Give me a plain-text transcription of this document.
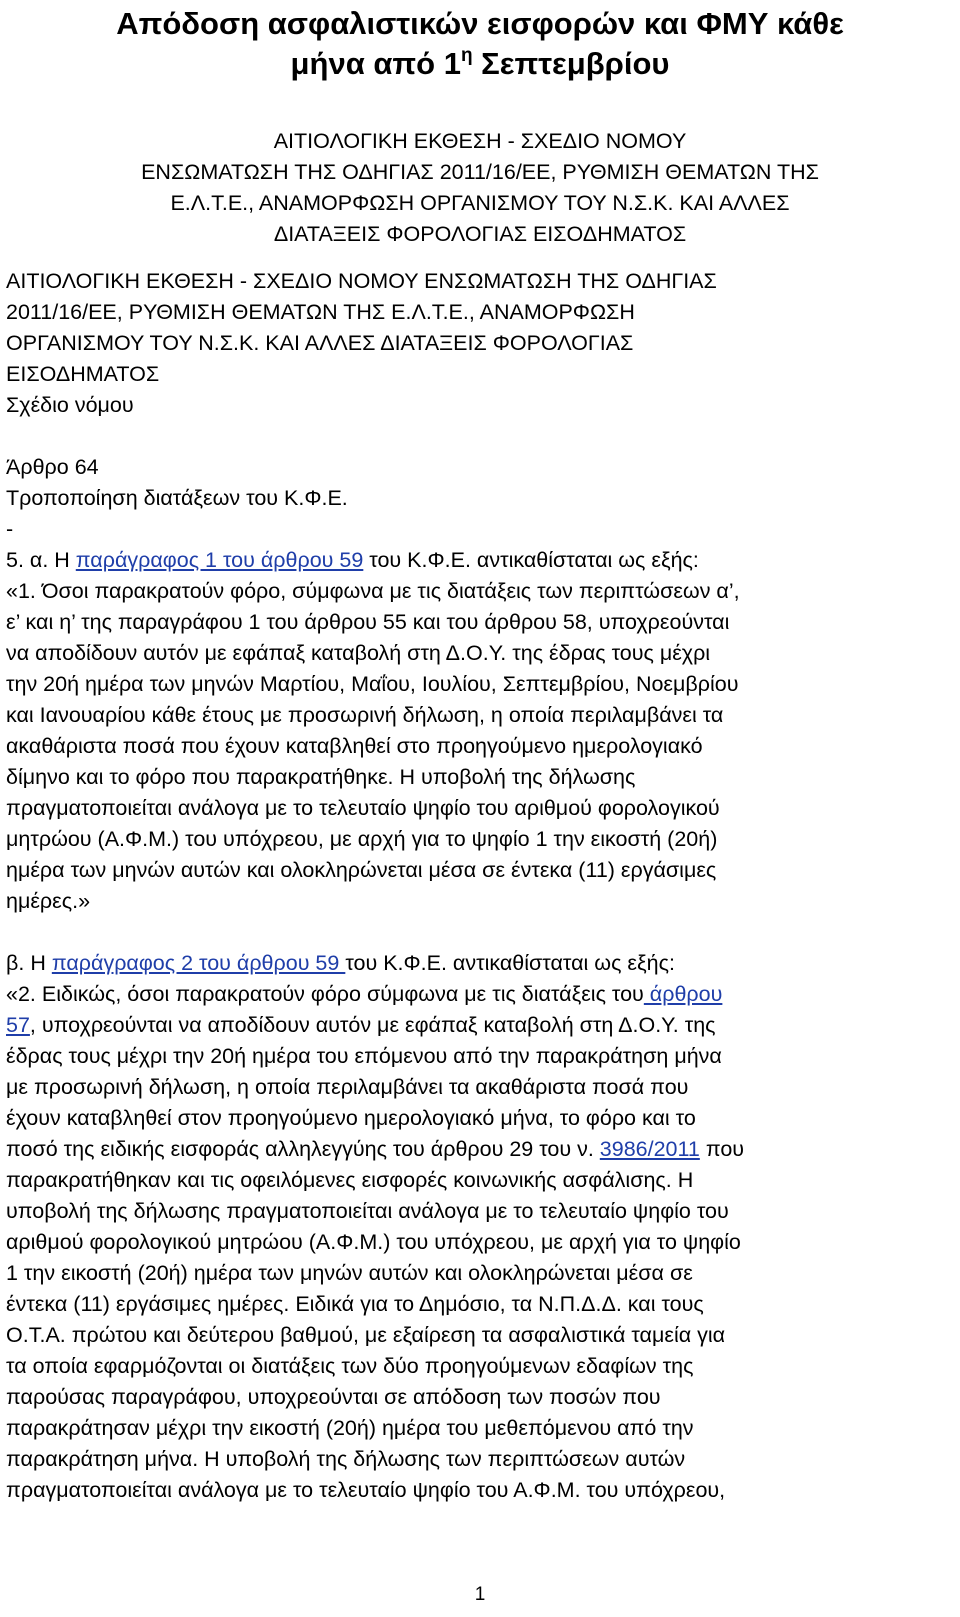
Απόδοση ασφαλιστικών εισφορών και ΦΜΥ κάθε
μήνα από $1^\eta$ Σεπτεμβρίου
ΑΙΤΙΟΛΟΓΙΚΗ ΕΚΘΕΣΗ - ΣΧΕΔΙΟ ΝΟΜΟΥ
ΕΝΣΩΜΑΤΩΣΗ ΤΗΣ ΟΔΗΓΙΑΣ 2011/16/ΕΕ, ΡΥΘΜΙΣΗ ΘΕΜΑΤΩΝ ΤΗΣ
Ε.Λ.Τ.Ε., ΑΝΑΜΟΡΦΩΣΗ ΟΡΓΑΝΙΣΜΟΥ ΤΟΥ Ν.Σ.Κ. ΚΑΙ ΑΛΛΕΣ
ΔΙΑΤΑΞΕΙΣ ΦΟΡΟΛΟΓΙΑΣ ΕΙΣΟΔΗΜΑΤΟΣ
ΑΙΤΙΟΛΟΓΙΚΗ ΕΚΘΕΣΗ - ΣΧΕΔΙΟ ΝΟΜΟΥ ΕΝΣΩΜΑΤΩΣΗ ΤΗΣ ΟΔΗΓΙΑΣ
2011/16/ΕΕ, ΡΥΘΜΙΣΗ ΘΕΜΑΤΩΝ ΤΗΣ Ε.Λ.Τ.Ε., ΑΝΑΜΟΡΦΩΣΗ
ΟΡΓΑΝΙΣΜΟΥ ΤΟΥ Ν.Σ.Κ. ΚΑΙ ΑΛΛΕΣ ΔΙΑΤΑΞΕΙΣ ΦΟΡΟΛΟΓΙΑΣ
ΕΙΣΟΔΗΜΑΤΟΣ
Σχέδιο νόμου
Άρθρο 64
Τροποποίηση διατάξεων του Κ.Φ.Ε.
-
5. α. Η παράγραφος 1 του άρθρου 59 του Κ.Φ.Ε. αντικαθίσταται ως εξής:
«1. Όσοι παρακρατούν φόρο, σύμφωνα με τις διατάξεις των περιπτώσεων α’,
ε’ και η’ της παραγράφου 1 του άρθρου 55 και του άρθρου 58, υποχρεούνται
να αποδίδουν αυτόν με εφάπαξ καταβολή στη Δ.Ο.Υ. της έδρας τους μέχρι
την 20ή ημέρα των μηνών Μαρτίου, Μαΐου, Ιουλίου, Σεπτεμβρίου, Νοεμβρίου
και Ιανουαρίου κάθε έτους με προσωρινή δήλωση, η οποία περιλαμβάνει τα
ακαθάριστα ποσά που έχουν καταβληθεί στο προηγούμενο ημερολογιακό
δίμηνο και το φόρο που παρακρατήθηκε. Η υποβολή της δήλωσης
πραγματοποιείται ανάλογα με το τελευταίο ψηφίο του αριθμού φορολογικού
μητρώου (Α.Φ.Μ.) του υπόχρεου, με αρχή για το ψηφίο 1 την εικοστή (20ή)
ημέρα των μηνών αυτών και ολοκληρώνεται μέσα σε έντεκα (11) εργάσιμες
ημέρες.»
β. Η παράγραφος 2 του άρθρου 59 του Κ.Φ.Ε. αντικαθίσταται ως εξής:
«2. Ειδικώς, όσοι παρακρατούν φόρο σύμφωνα με τις διατάξεις του άρθρου
57, υποχρεούνται να αποδίδουν αυτόν με εφάπαξ καταβολή στη Δ.Ο.Υ. της
έδρας τους μέχρι την 20ή ημέρα του επόμενου από την παρακράτηση μήνα
με προσωρινή δήλωση, η οποία περιλαμβάνει τα ακαθάριστα ποσά που
έχουν καταβληθεί στον προηγούμενο ημερολογιακό μήνα, το φόρο και το
ποσό της ειδικής εισφοράς αλληλεγγύης του άρθρου 29 του ν. 3986/2011 που
παρακρατήθηκαν και τις οφειλόμενες εισφορές κοινωνικής ασφάλισης. Η
υποβολή της δήλωσης πραγματοποιείται ανάλογα με το τελευταίο ψηφίο του
αριθμού φορολογικού μητρώου (Α.Φ.Μ.) του υπόχρεου, με αρχή για το ψηφίο
1 την εικοστή (20ή) ημέρα των μηνών αυτών και ολοκληρώνεται μέσα σε
έντεκα (11) εργάσιμες ημέρες. Ειδικά για το Δημόσιο, τα Ν.Π.Δ.Δ. και τους
Ο.Τ.Α. πρώτου και δεύτερου βαθμού, με εξαίρεση τα ασφαλιστικά ταμεία για
τα οποία εφαρμόζονται οι διατάξεις των δύο προηγούμενων εδαφίων της
παρούσας παραγράφου, υποχρεούνται σε απόδοση των ποσών που
παρακράτησαν μέχρι την εικοστή (20ή) ημέρα του μεθεπόμενου από την
παρακράτηση μήνα. Η υποβολή της δήλωσης των περιπτώσεων αυτών
πραγματοποιείται ανάλογα με το τελευταίο ψηφίο του Α.Φ.Μ. του υπόχρεου,
1
